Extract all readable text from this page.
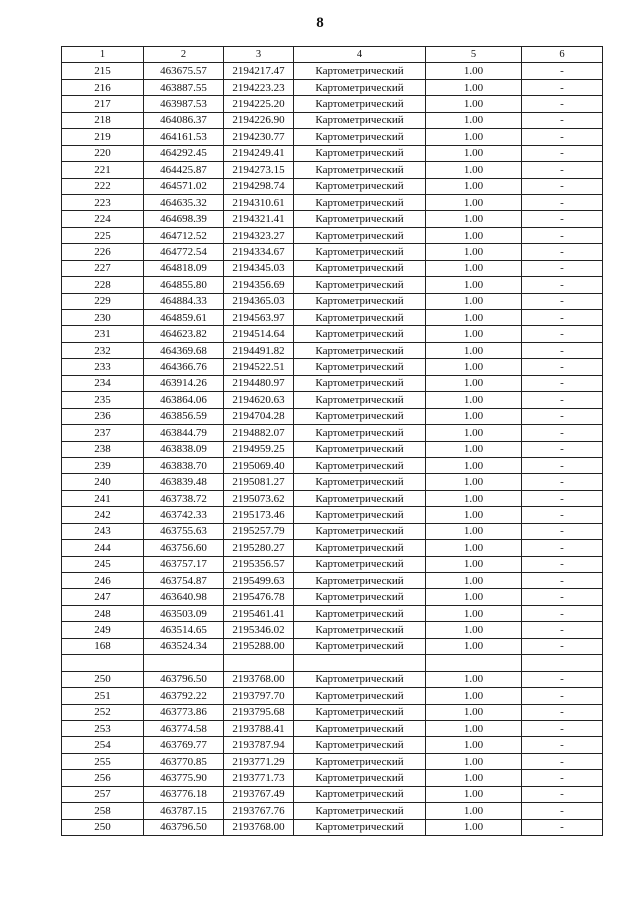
8
1	2	3	4	5	6
215	463675.57	2194217.47	Картометрический	1.00	-
216	463887.55	2194223.23	Картометрический	1.00	-
217	463987.53	2194225.20	Картометрический	1.00	-
218	464086.37	2194226.90	Картометрический	1.00	-
219	464161.53	2194230.77	Картометрический	1.00	-
220	464292.45	2194249.41	Картометрический	1.00	-
221	464425.87	2194273.15	Картометрический	1.00	-
222	464571.02	2194298.74	Картометрический	1.00	-
223	464635.32	2194310.61	Картометрический	1.00	-
224	464698.39	2194321.41	Картометрический	1.00	-
225	464712.52	2194323.27	Картометрический	1.00	-
226	464772.54	2194334.67	Картометрический	1.00	-
227	464818.09	2194345.03	Картометрический	1.00	-
228	464855.80	2194356.69	Картометрический	1.00	-
229	464884.33	2194365.03	Картометрический	1.00	-
230	464859.61	2194563.97	Картометрический	1.00	-
231	464623.82	2194514.64	Картометрический	1.00	-
232	464369.68	2194491.82	Картометрический	1.00	-
233	464366.76	2194522.51	Картометрический	1.00	-
234	463914.26	2194480.97	Картометрический	1.00	-
235	463864.06	2194620.63	Картометрический	1.00	-
236	463856.59	2194704.28	Картометрический	1.00	-
237	463844.79	2194882.07	Картометрический	1.00	-
238	463838.09	2194959.25	Картометрический	1.00	-
239	463838.70	2195069.40	Картометрический	1.00	-
240	463839.48	2195081.27	Картометрический	1.00	-
241	463738.72	2195073.62	Картометрический	1.00	-
242	463742.33	2195173.46	Картометрический	1.00	-
243	463755.63	2195257.79	Картометрический	1.00	-
244	463756.60	2195280.27	Картометрический	1.00	-
245	463757.17	2195356.57	Картометрический	1.00	-
246	463754.87	2195499.63	Картометрический	1.00	-
247	463640.98	2195476.78	Картометрический	1.00	-
248	463503.09	2195461.41	Картометрический	1.00	-
249	463514.65	2195346.02	Картометрический	1.00	-
168	463524.34	2195288.00	Картометрический	1.00	-

250	463796.50	2193768.00	Картометрический	1.00	-
251	463792.22	2193797.70	Картометрический	1.00	-
252	463773.86	2193795.68	Картометрический	1.00	-
253	463774.58	2193788.41	Картометрический	1.00	-
254	463769.77	2193787.94	Картометрический	1.00	-
255	463770.85	2193771.29	Картометрический	1.00	-
256	463775.90	2193771.73	Картометрический	1.00	-
257	463776.18	2193767.49	Картометрический	1.00	-
258	463787.15	2193767.76	Картометрический	1.00	-
250	463796.50	2193768.00	Картометрический	1.00	-
